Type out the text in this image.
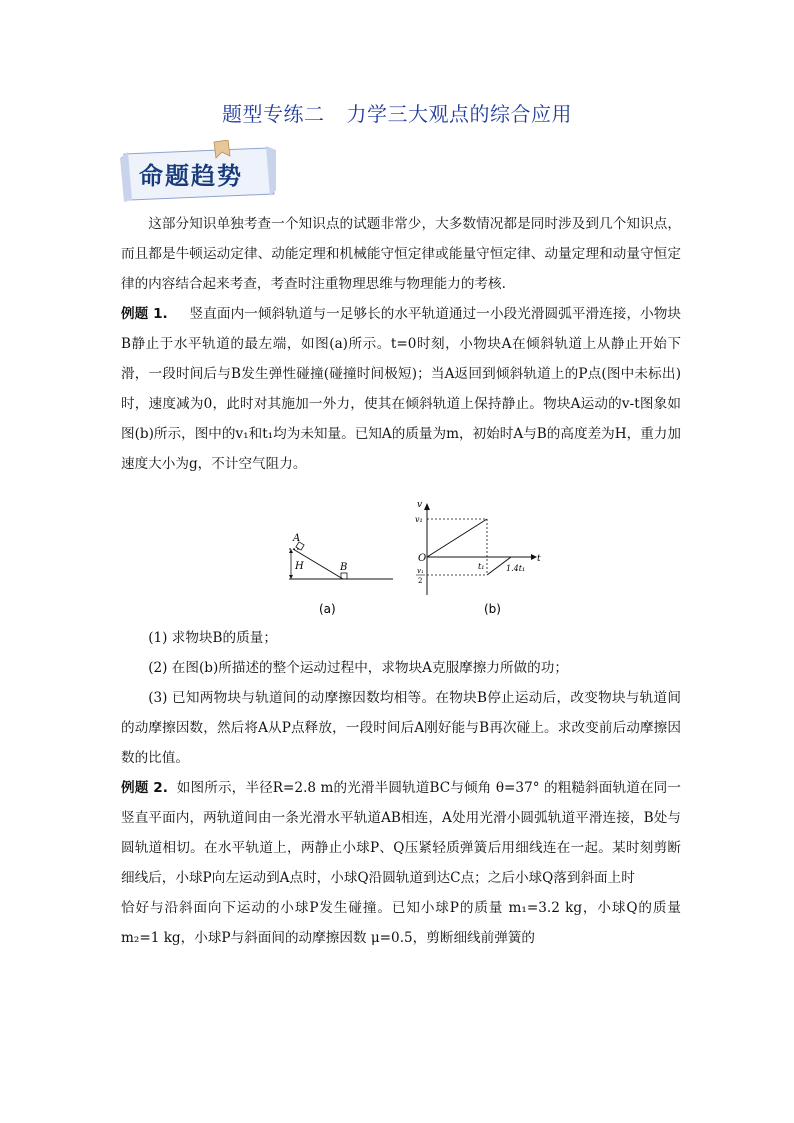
题型专练二 力学三大观点的综合应用
命题趋势

这部分知识单独考查一个知识点的试题非常少，大多数情况都是同时涉及到几个知识点，而且都是牛顿运动定律、动能定理和机械能守恒定律或能量守恒定律、动量定理和动量守恒定律的内容结合起来考查，考查时注重物理思维与物理能力的考核.

例题 1. 竖直面内一倾斜轨道与一足够长的水平轨道通过一小段光滑圆弧平滑连接，小物块B静止于水平轨道的最左端，如图(a)所示。t=0时刻，小物块A在倾斜轨道上从静止开始下滑，一段时间后与B发生弹性碰撞(碰撞时间极短)；当A返回到倾斜轨道上的P点(图中未标出)时，速度减为0，此时对其施加一外力，使其在倾斜轨道上保持静止。物块A运动的v-t图象如图(b)所示，图中的v₁和t₁均为未知量。已知A的质量为m，初始时A与B的高度差为H，重力加速度大小为g，不计空气阻力。

A
H	B
(a)
v
v₁
O
t₁	1.4t₁
t
v₁
2
(b)

(1) 求物块B的质量；

(2) 在图(b)所描述的整个运动过程中，求物块A克服摩擦力所做的功；

(3) 已知两物块与轨道间的动摩擦因数均相等。在物块B停止运动后，改变物块与轨道间的动摩擦因数，然后将A从P点释放，一段时间后A刚好能与B再次碰上。求改变前后动摩擦因数的比值。

例题 2. 如图所示，半径R=2.8 m的光滑半圆轨道BC与倾角 θ=37° 的粗糙斜面轨道在同一竖直平面内，两轨道间由一条光滑水平轨道AB相连，A处用光滑小圆弧轨道平滑连接，B处与圆轨道相切。在水平轨道上，两静止小球P、Q压紧轻质弹簧后用细线连在一起。某时刻剪断细线后，小球P向左运动到A点时，小球Q沿圆轨道到达C点；之后小球Q落到斜面上时

恰好与沿斜面向下运动的小球P发生碰撞。已知小球P的质量 m₁=3.2 kg，小球Q的质量 m₂=1 kg，小球P与斜面间的动摩擦因数 μ=0.5，剪断细线前弹簧的
